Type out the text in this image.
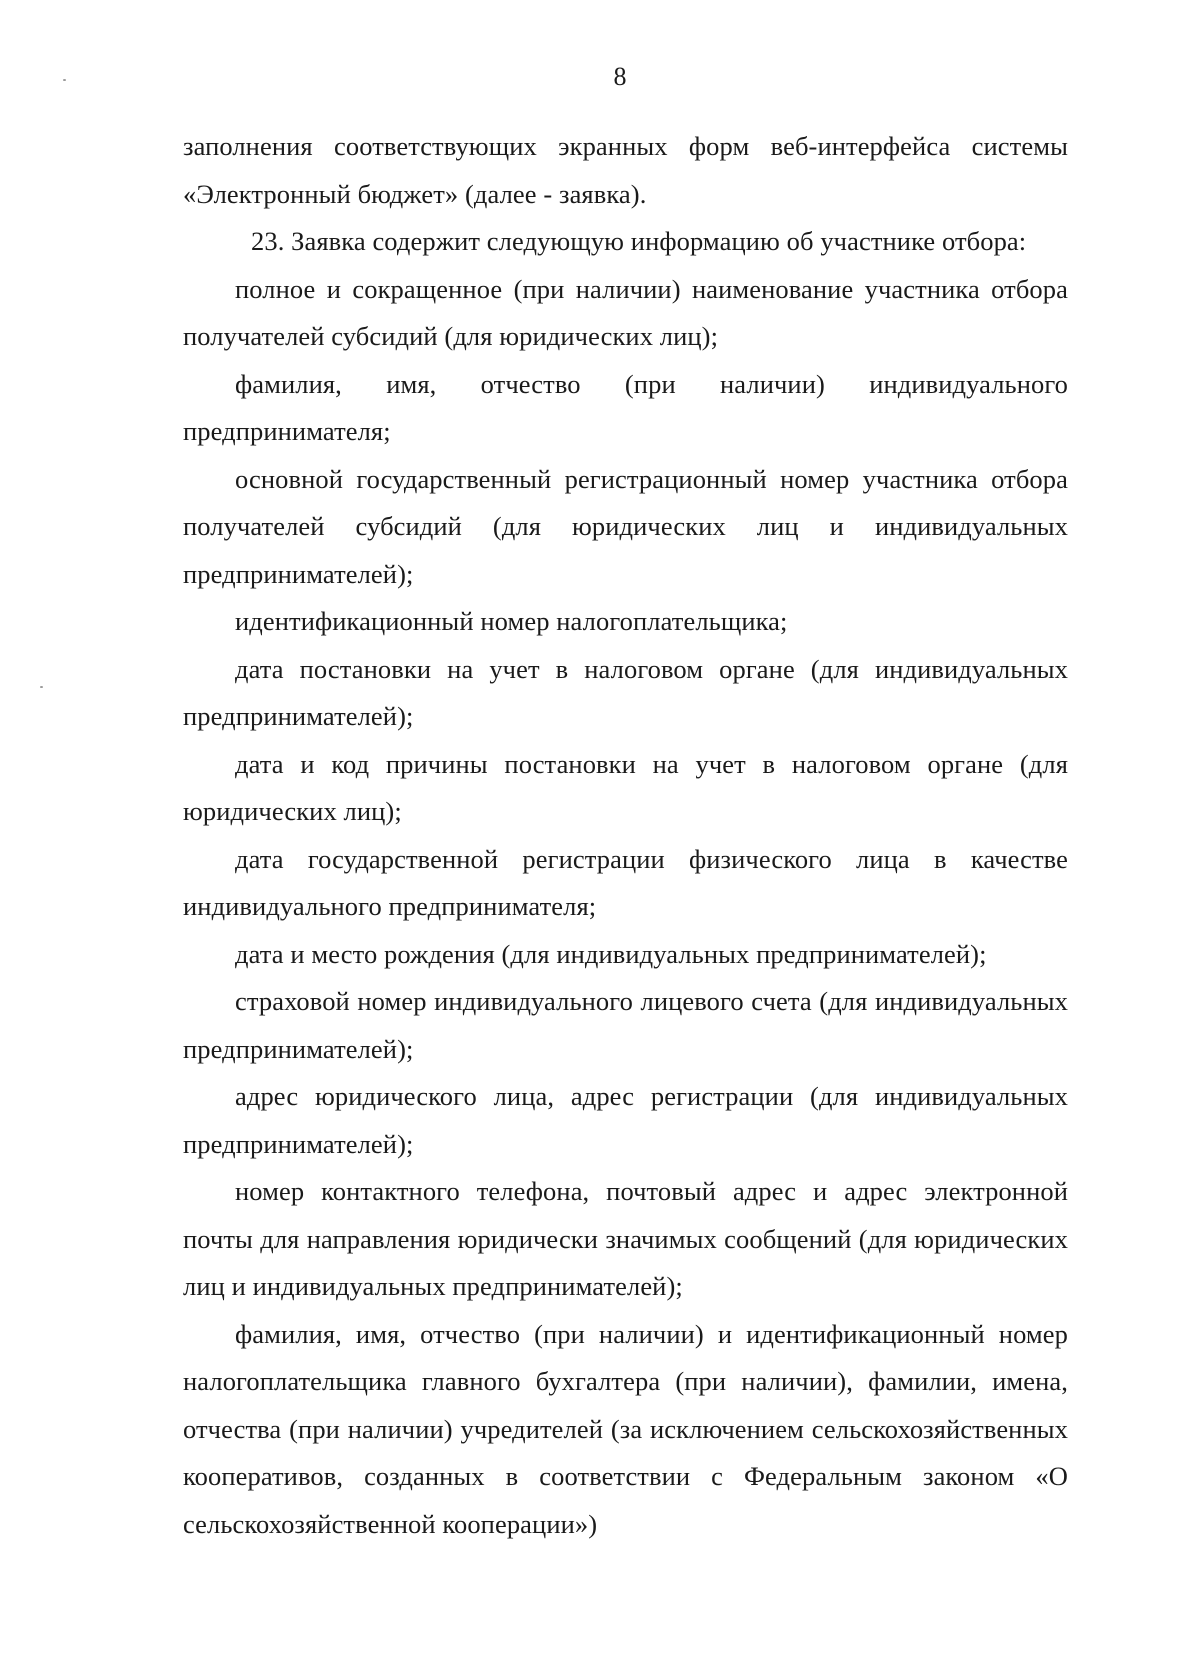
8

заполнения соответствующих экранных форм веб-интерфейса системы «Электронный бюджет» (далее - заявка).

23. Заявка содержит следующую информацию об участнике отбора:

полное и сокращенное (при наличии) наименование участника отбора получателей субсидий (для юридических лиц);

фамилия, имя, отчество (при наличии) индивидуального предпринимателя;

основной государственный регистрационный номер участника отбора получателей субсидий (для юридических лиц и индивидуальных предпринимателей);

идентификационный номер налогоплательщика;

дата постановки на учет в налоговом органе (для индивидуальных предпринимателей);

дата и код причины постановки на учет в налоговом органе (для юридических лиц);

дата государственной регистрации физического лица в качестве индивидуального предпринимателя;

дата и место рождения (для индивидуальных предпринимателей);

страховой номер индивидуального лицевого счета (для индивидуальных предпринимателей);

адрес юридического лица, адрес регистрации (для индивидуальных предпринимателей);

номер контактного телефона, почтовый адрес и адрес электронной почты для направления юридически значимых сообщений (для юридических лиц и индивидуальных предпринимателей);

фамилия, имя, отчество (при наличии) и идентификационный номер налогоплательщика главного бухгалтера (при наличии), фамилии, имена, отчества (при наличии) учредителей (за исключением сельскохозяйственных кооперативов, созданных в соответствии с Федеральным законом «О сельскохозяйственной кооперации»)
